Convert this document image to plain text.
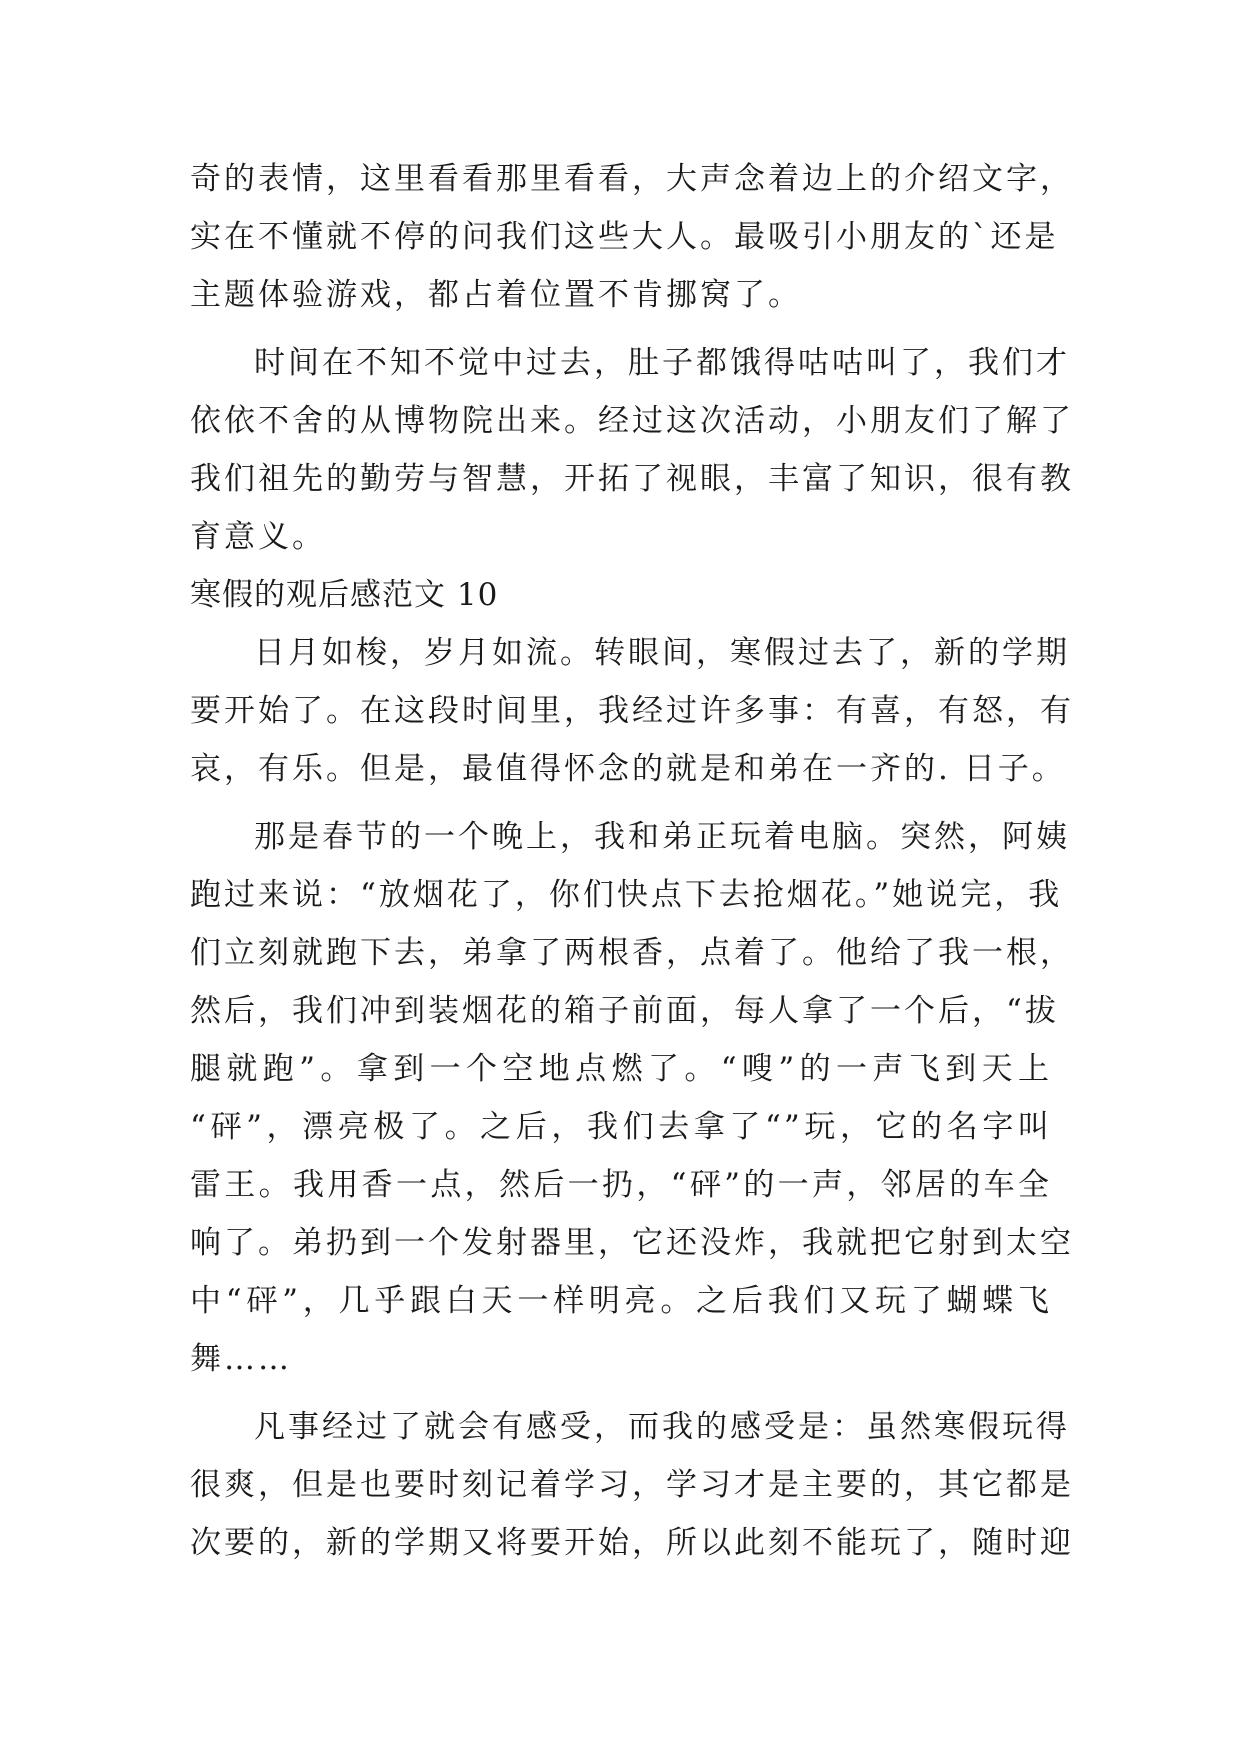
奇的表情，这里看看那里看看，大声念着边上的介绍文字，
实在不懂就不停的问我们这些大人。最吸引小朋友的`还是
主题体验游戏，都占着位置不肯挪窝了。
时间在不知不觉中过去，肚子都饿得咕咕叫了，我们才
依依不舍的从博物院出来。经过这次活动，小朋友们了解了
我们祖先的勤劳与智慧，开拓了视眼，丰富了知识，很有教
育意义。
寒假的观后感范文 10
日月如梭，岁月如流。转眼间，寒假过去了，新的学期
要开始了。在这段时间里，我经过许多事：有喜，有怒，有
哀，有乐。但是，最值得怀念的就是和弟在一齐的. 日子。
那是春节的一个晚上，我和弟正玩着电脑。突然，阿姨
跑过来说：“放烟花了，你们快点下去抢烟花。”她说完，我
们立刻就跑下去，弟拿了两根香，点着了。他给了我一根，
然后，我们冲到装烟花的箱子前面，每人拿了一个后，“拔
腿就跑”。拿到一个空地点燃了。“嗖”的一声飞到天上
“砰”，漂亮极了。之后，我们去拿了“”玩，它的名字叫
雷王。我用香一点，然后一扔，“砰”的一声，邻居的车全
响了。弟扔到一个发射器里，它还没炸，我就把它射到太空
中“砰”，几乎跟白天一样明亮。之后我们又玩了蝴蝶飞
舞……
凡事经过了就会有感受，而我的感受是：虽然寒假玩得
很爽，但是也要时刻记着学习，学习才是主要的，其它都是
次要的，新的学期又将要开始，所以此刻不能玩了，随时迎
